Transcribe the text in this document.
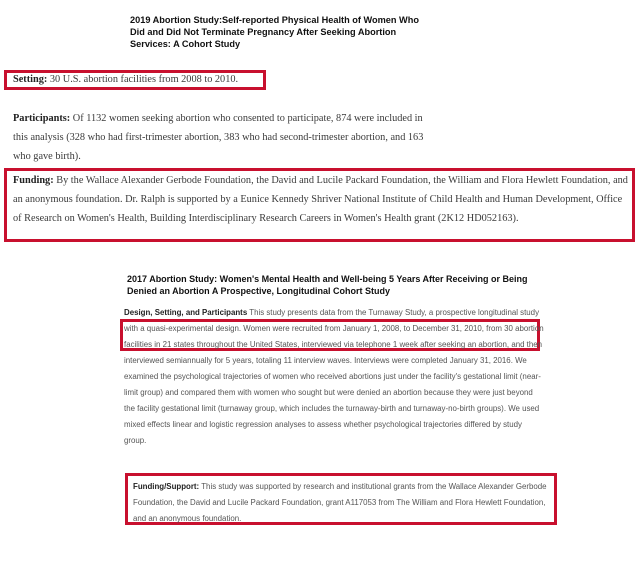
2019 Abortion Study:Self-reported Physical Health of Women Who Did and Did Not Terminate Pregnancy After Seeking Abortion Services: A Cohort Study
Setting: 30 U.S. abortion facilities from 2008 to 2010.
Participants: Of 1132 women seeking abortion who consented to participate, 874 were included in this analysis (328 who had first-trimester abortion, 383 who had second-trimester abortion, and 163 who gave birth).
Funding: By the Wallace Alexander Gerbode Foundation, the David and Lucile Packard Foundation, the William and Flora Hewlett Foundation, and an anonymous foundation. Dr. Ralph is supported by a Eunice Kennedy Shriver National Institute of Child Health and Human Development, Office of Research on Women's Health, Building Interdisciplinary Research Careers in Women's Health grant (2K12 HD052163).
2017 Abortion Study: Women's Mental Health and Well-being 5 Years After Receiving or Being Denied an Abortion A Prospective, Longitudinal Cohort Study
Design, Setting, and Participants This study presents data from the Turnaway Study, a prospective longitudinal study with a quasi-experimental design. Women were recruited from January 1, 2008, to December 31, 2010, from 30 abortion facilities in 21 states throughout the United States, interviewed via telephone 1 week after seeking an abortion, and then interviewed semiannually for 5 years, totaling 11 interview waves. Interviews were completed January 31, 2016. We examined the psychological trajectories of women who received abortions just under the facility's gestational limit (near-limit group) and compared them with women who sought but were denied an abortion because they were just beyond the facility gestational limit (turnaway group, which includes the turnaway-birth and turnaway-no-birth groups). We used mixed effects linear and logistic regression analyses to assess whether psychological trajectories differed by study group.
Funding/Support: This study was supported by research and institutional grants from the Wallace Alexander Gerbode Foundation, the David and Lucile Packard Foundation, grant A117053 from The William and Flora Hewlett Foundation, and an anonymous foundation.
